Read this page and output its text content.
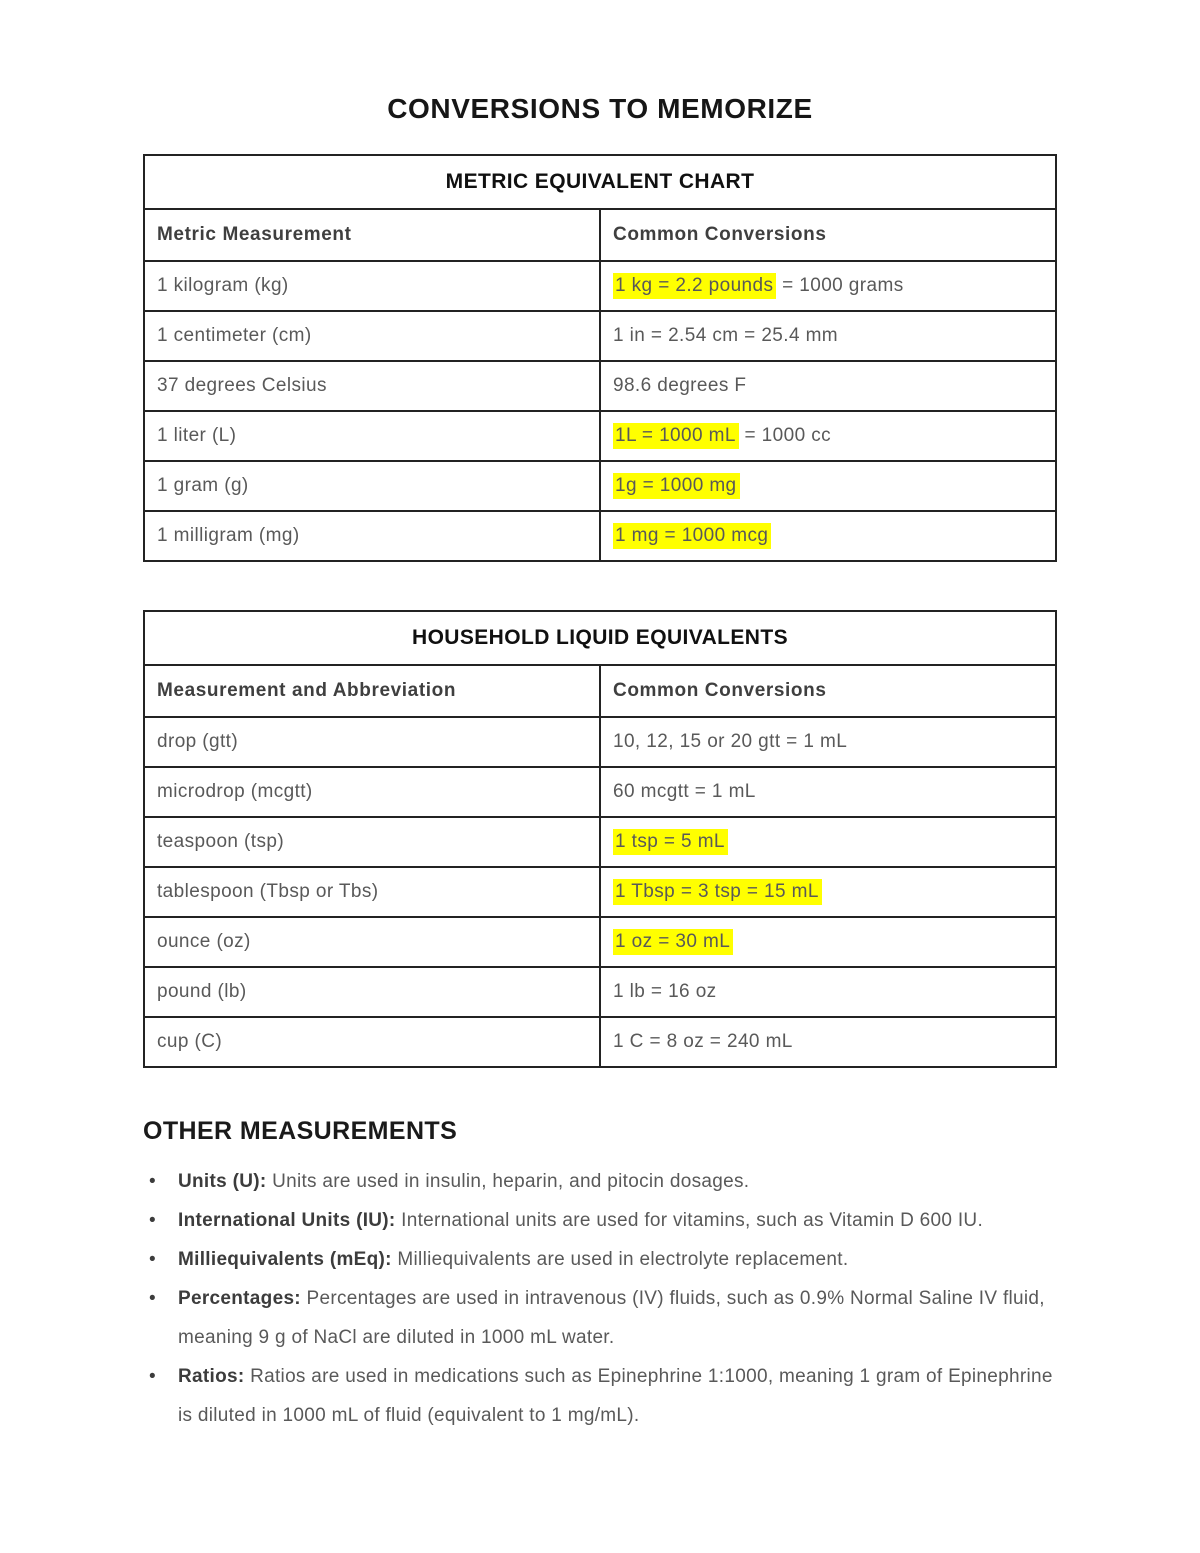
CONVERSIONS TO MEMORIZE
METRIC EQUIVALENT CHART	
Metric Measurement	Common Conversions
1 kilogram (kg)	1 kg = 2.2 pounds = 1000 grams
1 centimeter (cm)	1 in = 2.54 cm = 25.4 mm
37 degrees Celsius	98.6 degrees F
1 liter (L)	1L = 1000 mL = 1000 cc
1 gram (g)	1g = 1000 mg
1 milligram (mg)	1 mg = 1000 mcg
HOUSEHOLD LIQUID EQUIVALENTS	
Measurement and Abbreviation	Common Conversions
drop (gtt)	10, 12, 15 or 20 gtt = 1 mL
microdrop (mcgtt)	60 mcgtt = 1 mL
teaspoon (tsp)	1 tsp = 5 mL
tablespoon (Tbsp or Tbs)	1 Tbsp = 3 tsp = 15 mL
ounce (oz)	1 oz = 30 mL
pound (lb)	1 lb = 16 oz
cup (C)	1 C = 8 oz = 240 mL
OTHER MEASUREMENTS
• Units (U): Units are used in insulin, heparin, and pitocin dosages.
• International Units (IU): International units are used for vitamins, such as Vitamin D 600 IU.
• Milliequivalents (mEq): Milliequivalents are used in electrolyte replacement.
• Percentages: Percentages are used in intravenous (IV) fluids, such as 0.9% Normal Saline IV fluid, meaning 9 g of NaCl are diluted in 1000 mL water.
• Ratios: Ratios are used in medications such as Epinephrine 1:1000, meaning 1 gram of Epinephrine is diluted in 1000 mL of fluid (equivalent to 1 mg/mL).
